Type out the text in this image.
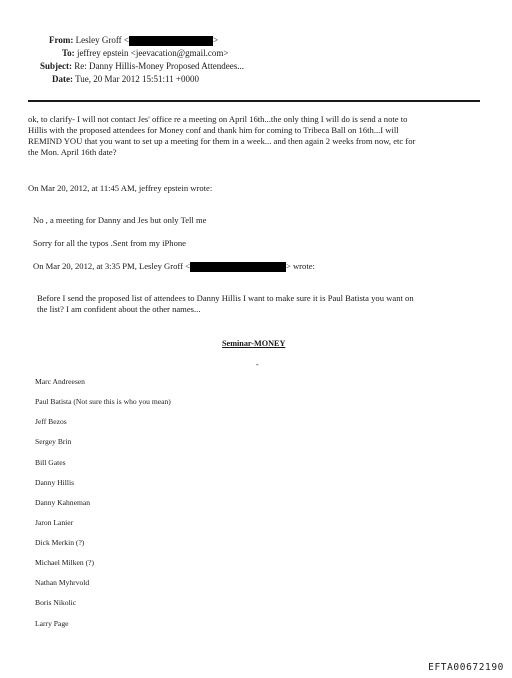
From: Lesley Groff <	>
To: jeffrey epstein <jeevacation@gmail.com>
Subject: Re: Danny Hillis-Money Proposed Attendees...
Date: Tue, 20 Mar 2012 15:51:11 +0000
ok, to clarify- I will not contact Jes' office re a meeting on April 16th...the only thing I will do is send a note to
Hillis with the proposed attendees for Money conf and thank him for coming to Tribeca Ball on 16th...I will
REMIND YOU that you want to set up a meeting for them in a week... and then again 2 weeks from now, etc for
the Mon. April 16th date?
On Mar 20, 2012, at 11:45 AM, jeffrey epstein wrote:
No , a meeting for Danny and Jes but only Tell me
Sorry for all the typos .Sent from my iPhone
On Mar 20, 2012, at 3:35 PM, Lesley Groff <	> wrote:
Before I send the proposed list of attendees to Danny Hillis I want to make sure it is Paul Batista you want on
the list? I am confident about the other names...
Seminar-MONEY
-
Marc Andreesen
Paul Batista (Not sure this is who you mean)
Jeff Bezos
Sergey Brin
Bill Gates
Danny Hillis
Danny Kahneman
Jaron Lanier
Dick Merkin (?)
Michael Milken (?)
Nathan Myhrvold
Boris Nikolic
Larry Page
EFTA00672190
